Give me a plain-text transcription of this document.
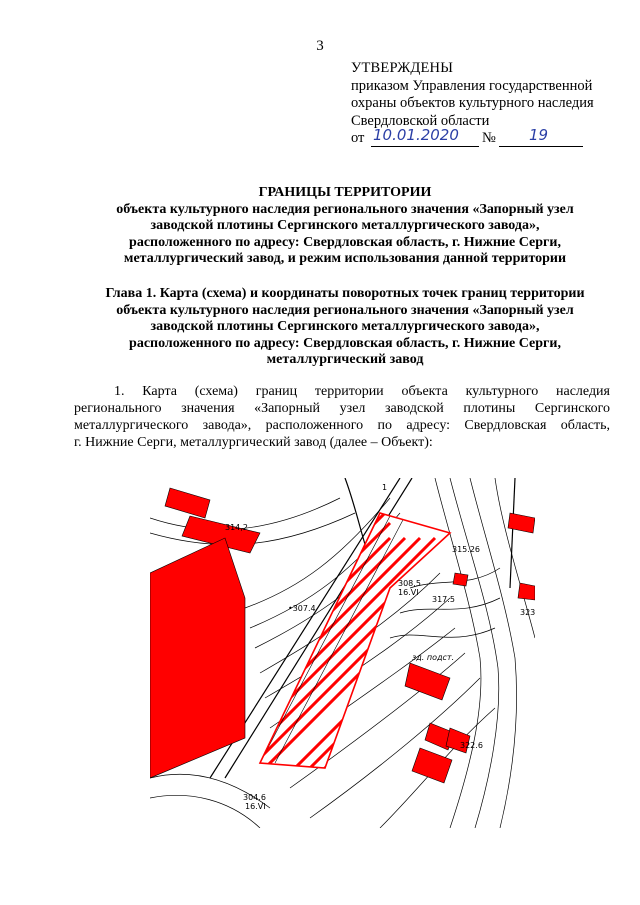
3
УТВЕРЖДЕНЫ
приказом Управления государственной
охраны объектов культурного наследия
Свердловской области
от 10.01.2020 № 19
ГРАНИЦЫ ТЕРРИТОРИИ
объекта культурного наследия регионального значения «Запорный узел
заводской плотины Сергинского металлургического завода»,
расположенного по адресу: Свердловская область, г. Нижние Серги,
металлургический завод, и режим использования данной территории
Глава 1. Карта (схема) и координаты поворотных точек границ территории
объекта культурного наследия регионального значения «Запорный узел
заводской плотины Сергинского металлургического завода»,
расположенного по адресу: Свердловская область, г. Нижние Серги,
металлургический завод
1. Карта (схема) границ территории объекта культурного наследия
регионального значения «Запорный узел заводской плотины Сергинского
металлургического завода», расположенного по адресу: Свердловская область,
г. Нижние Серги, металлургический завод (далее – Объект):
1
314,2
315.26
308,5
16.VI
317.5
•307.4	323
зд. подст.
322.6
304.6
16.VI
